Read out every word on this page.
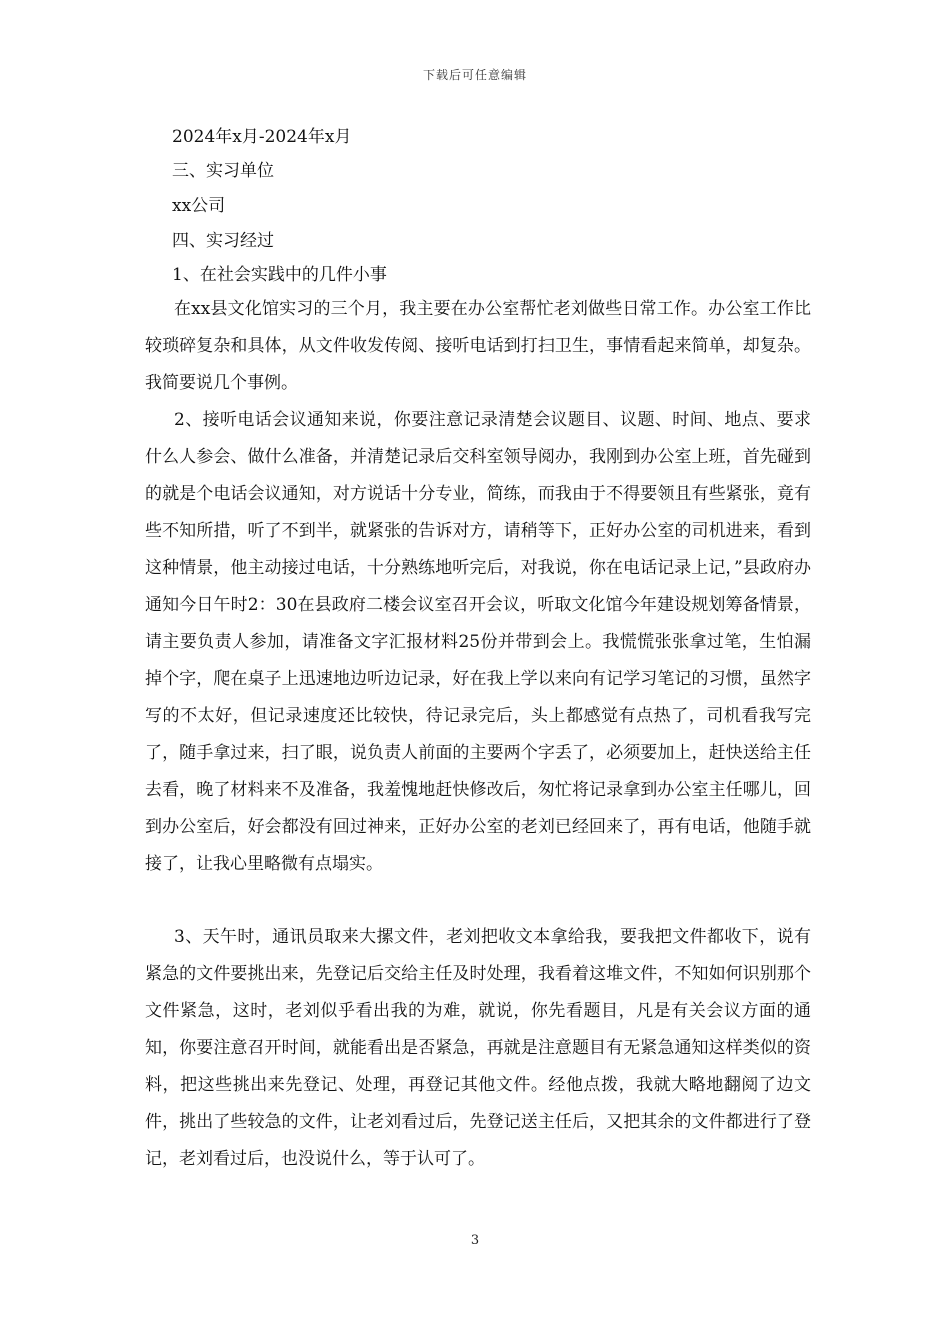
下载后可任意编辑
2024年x月-2024年x月
三、实习单位
xx公司
四、实习经过
1、在社会实践中的几件小事

在xx县文化馆实习的三个月，我主要在办公室帮忙老刘做些日常工作。办公室工作比较琐碎复杂和具体，从文件收发传阅、接听电话到打扫卫生，事情看起来简单，却复杂。我简要说几个事例。

2、接听电话会议通知来说，你要注意记录清楚会议题目、议题、时间、地点、要求什么人参会、做什么准备，并清楚记录后交科室领导阅办，我刚到办公室上班，首先碰到的就是个电话会议通知，对方说话十分专业，简练，而我由于不得要领且有些紧张，竟有些不知所措，听了不到半，就紧张的告诉对方，请稍等下，正好办公室的司机进来，看到这种情景，他主动接过电话，十分熟练地听完后，对我说，你在电话记录上记，”县政府办通知今日午时2：30在县政府二楼会议室召开会议，听取文化馆今年建设规划筹备情景，请主要负责人参加，请准备文字汇报材料25份并带到会上。我慌慌张张拿过笔，生怕漏掉个字，爬在桌子上迅速地边听边记录，好在我上学以来向有记学习笔记的习惯，虽然字写的不太好，但记录速度还比较快，待记录完后，头上都感觉有点热了，司机看我写完了，随手拿过来，扫了眼，说负责人前面的主要两个字丢了，必须要加上，赶快送给主任去看，晚了材料来不及准备，我羞愧地赶快修改后，匆忙将记录拿到办公室主任哪儿，回到办公室后，好会都没有回过神来，正好办公室的老刘已经回来了，再有电话，他随手就接了，让我心里略微有点塌实。

3、天午时，通讯员取来大摞文件，老刘把收文本拿给我，要我把文件都收下，说有紧急的文件要挑出来，先登记后交给主任及时处理，我看着这堆文件，不知如何识别那个文件紧急，这时，老刘似乎看出我的为难，就说，你先看题目，凡是有关会议方面的通知，你要注意召开时间，就能看出是否紧急，再就是注意题目有无紧急通知这样类似的资料，把这些挑出来先登记、处理，再登记其他文件。经他点拨，我就大略地翻阅了边文件，挑出了些较急的文件，让老刘看过后，先登记送主任后，又把其余的文件都进行了登记，老刘看过后，也没说什么，等于认可了。

3
